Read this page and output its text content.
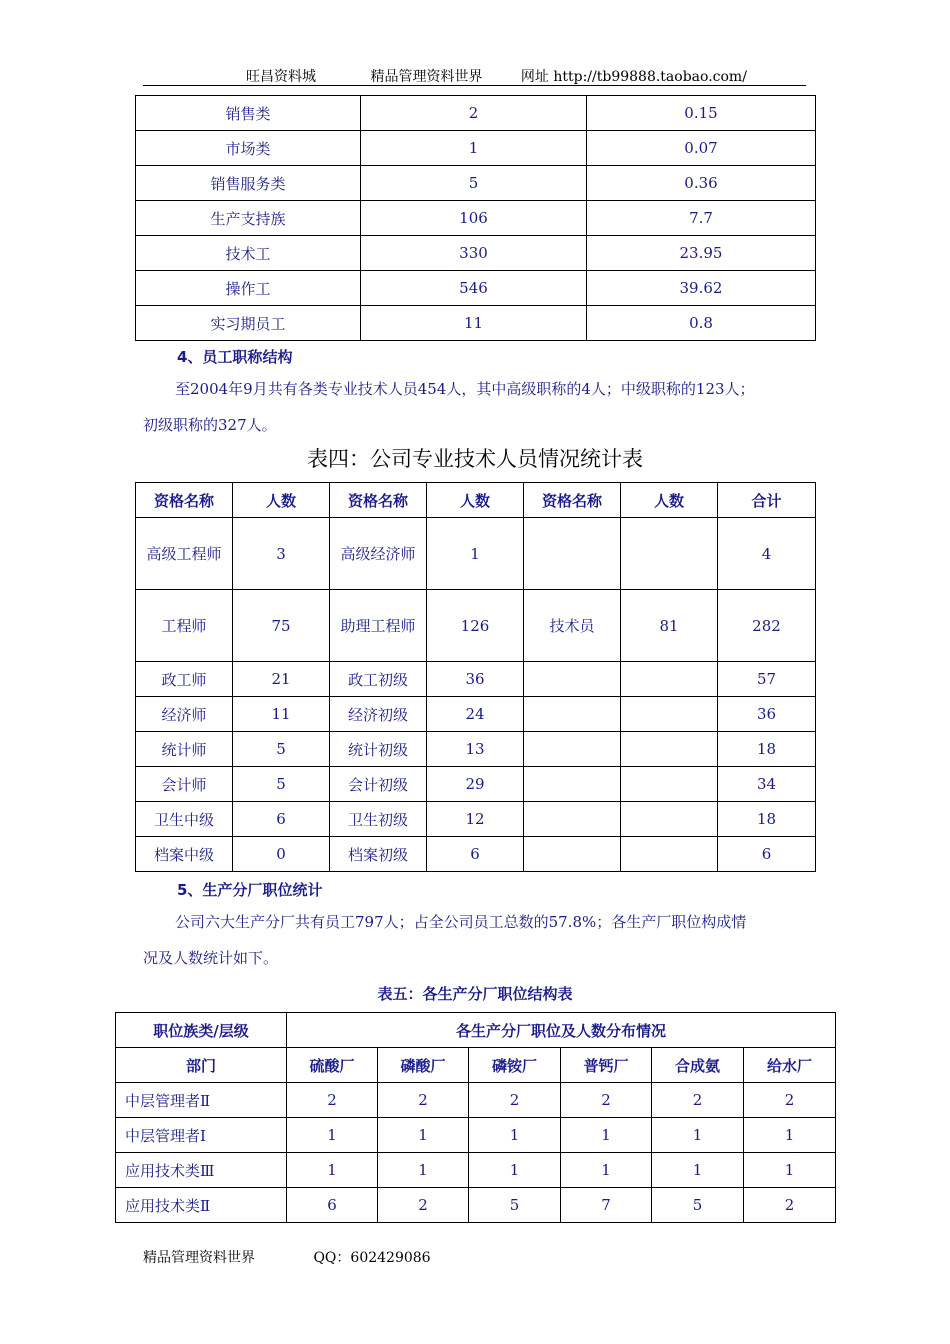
旺昌资料城	精品管理资料世界	网址 http://tb99888.taobao.com/
销售类	2	0.15
市场类	1	0.07
销售服务类	5	0.36
生产支持族	106	7.7
技术工	330	23.95
操作工	546	39.62
实习期员工	11	0.8
4、员工职称结构
至2004年9月共有各类专业技术人员454人，其中高级职称的4人；中级职称的123人；
初级职称的327人。
表四：公司专业技术人员情况统计表
资格名称	人数	资格名称	人数	资格名称	人数	合计
高级工程师	3	高级经济师	1			4
工程师	75	助理工程师	126	技术员	81	282
政工师	21	政工初级	36			57
经济师	11	经济初级	24			36
统计师	5	统计初级	13			18
会计师	5	会计初级	29			34
卫生中级	6	卫生初级	12			18
档案中级	0	档案初级	6			6
5、生产分厂职位统计
公司六大生产分厂共有员工797人；占全公司员工总数的57.8%；各生产厂职位构成情
况及人数统计如下。
表五：各生产分厂职位结构表
职位族类/层级	各生产分厂职位及人数分布情况					
部门	硫酸厂	磷酸厂	磷铵厂	普钙厂	合成氨	给水厂
中层管理者Ⅱ	2	2	2	2	2	2
中层管理者Ⅰ	1	1	1	1	1	1
应用技术类Ⅲ	1	1	1	1	1	1
应用技术类Ⅱ	6	2	5	7	5	2
精品管理资料世界	QQ：602429086
